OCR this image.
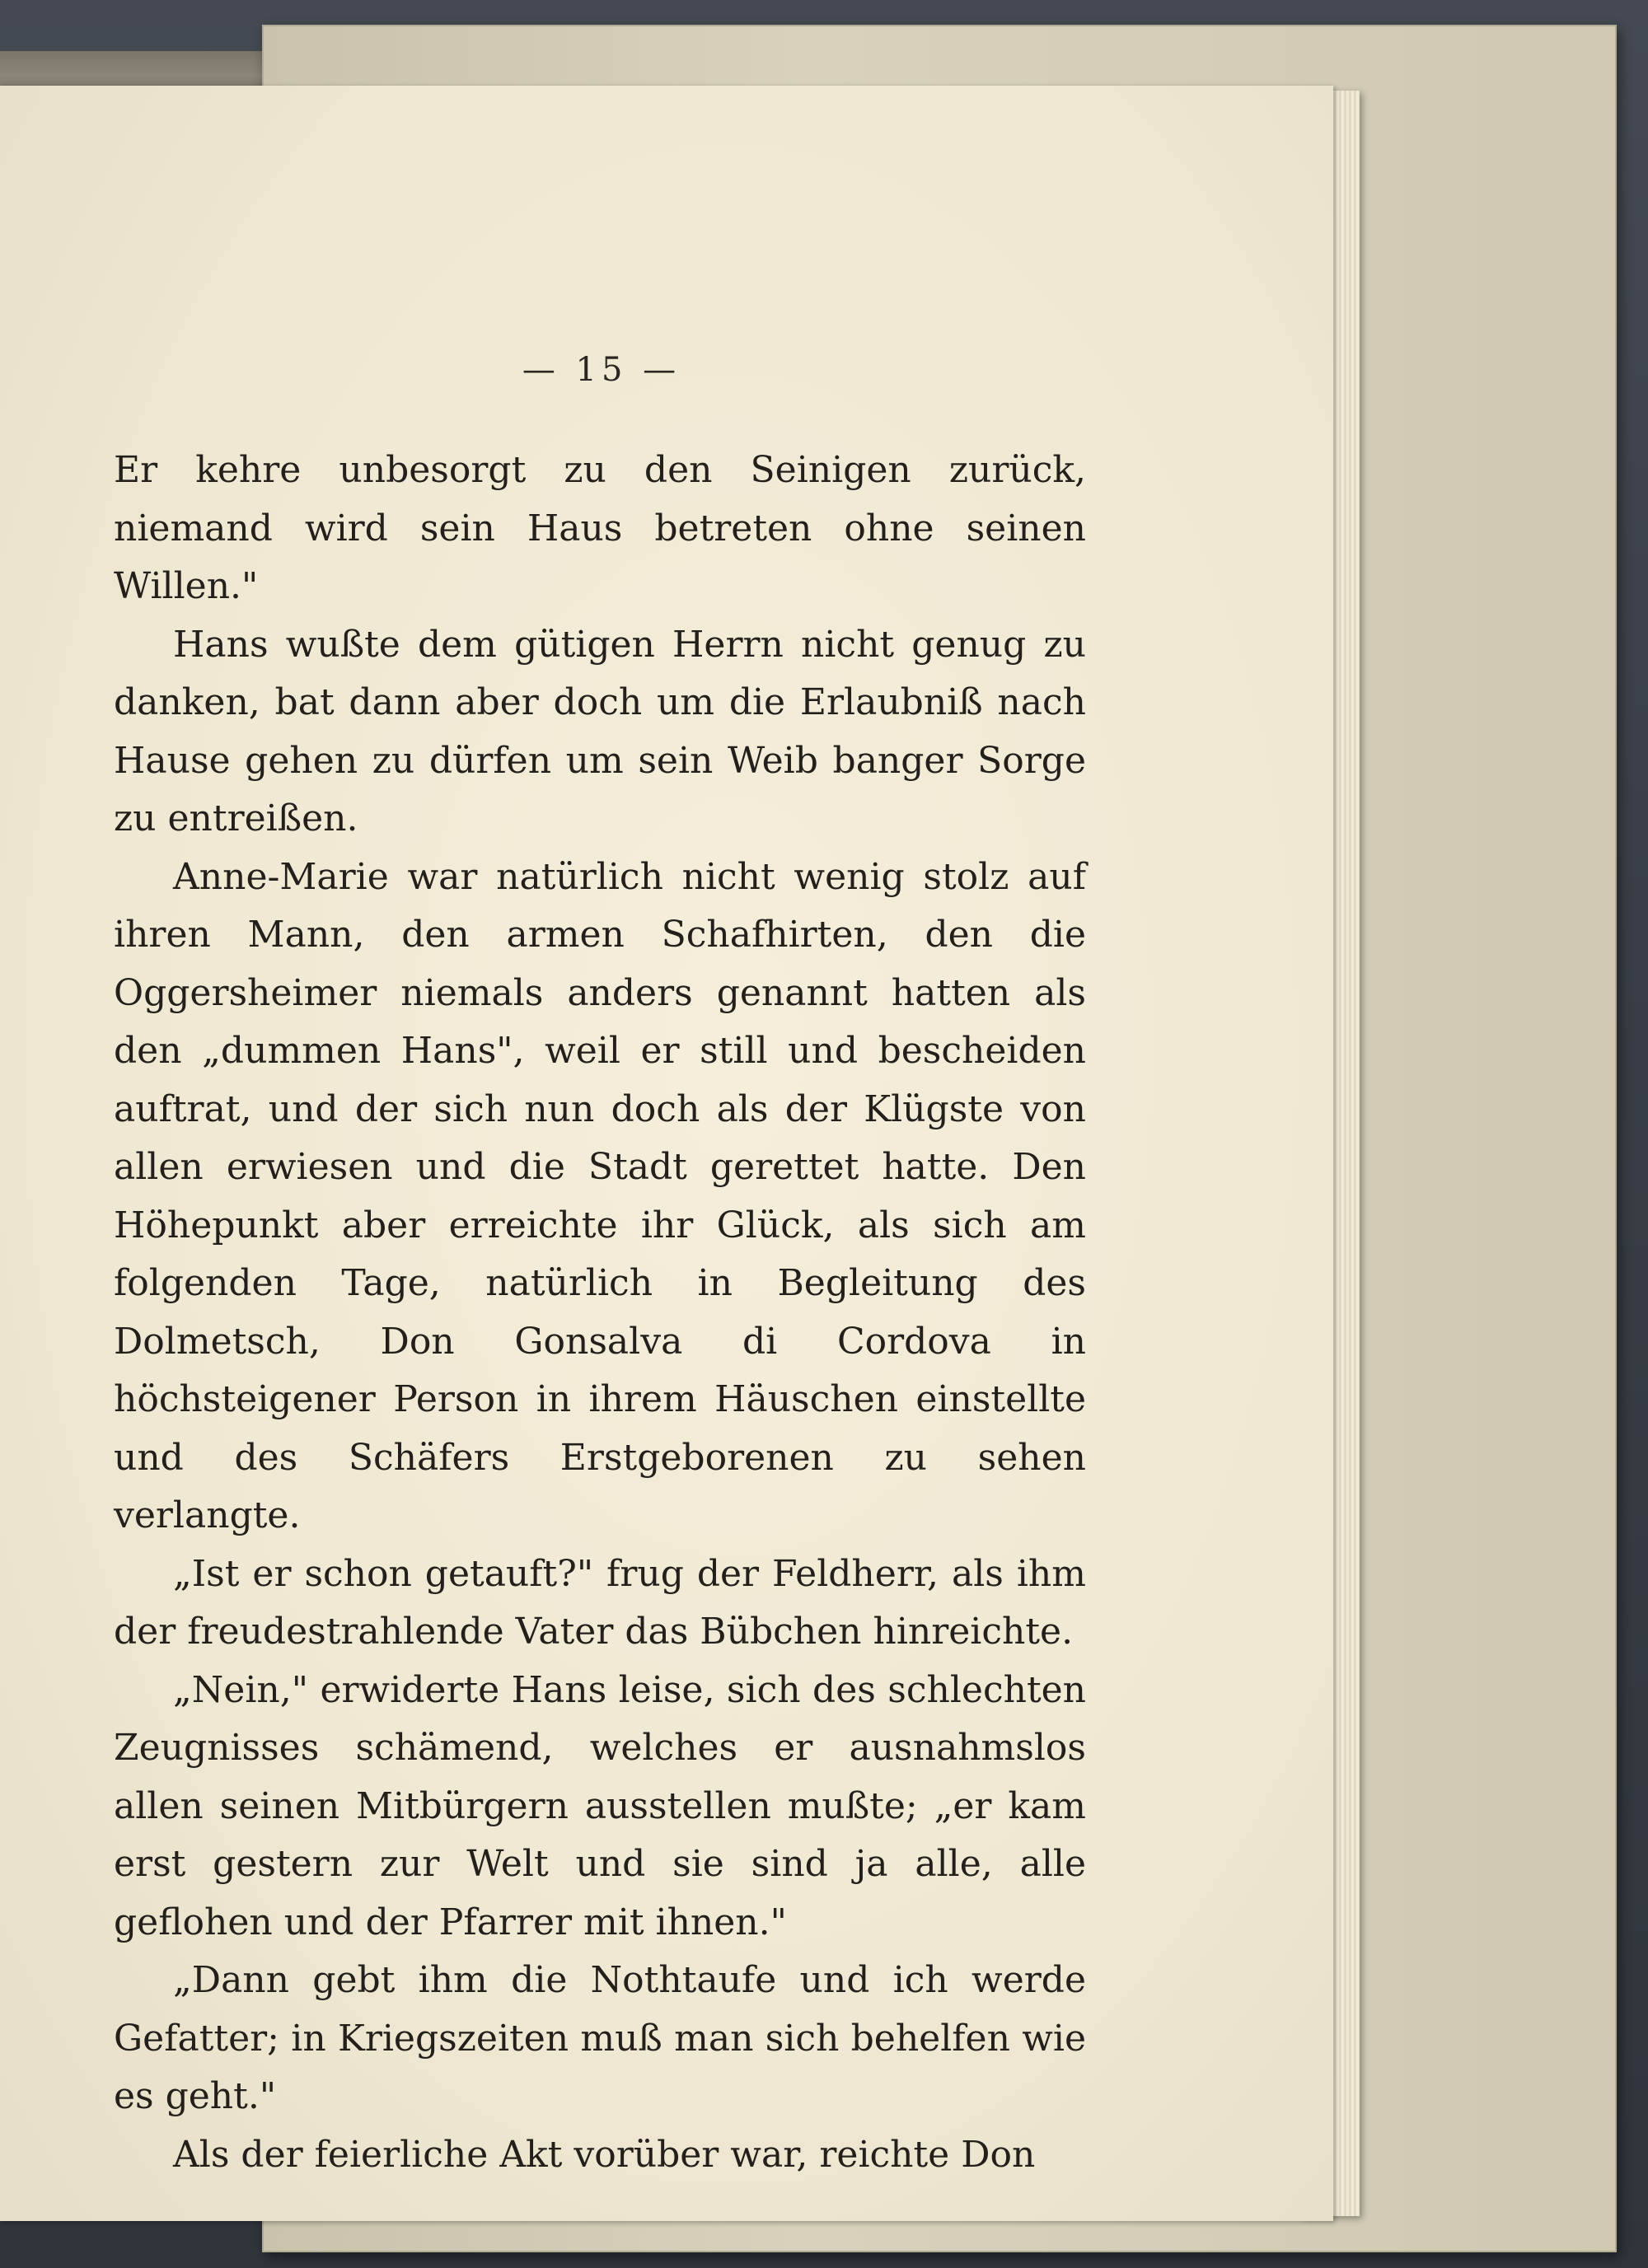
— 15 —

Er kehre unbesorgt zu den Seinigen zurück, niemand wird sein Haus betreten ohne seinen Willen."

Hans wußte dem gütigen Herrn nicht genug zu danken, bat dann aber doch um die Erlaubniß nach Hause gehen zu dürfen um sein Weib banger Sorge zu entreißen.

Anne-Marie war natürlich nicht wenig stolz auf ihren Mann, den armen Schafhirten, den die Oggersheimer niemals anders genannt hatten als den „dummen Hans", weil er still und bescheiden auftrat, und der sich nun doch als der Klügste von allen erwiesen und die Stadt gerettet hatte. Den Höhepunkt aber erreichte ihr Glück, als sich am folgenden Tage, natürlich in Begleitung des Dolmetsch, Don Gonsalva di Cordova in höchsteigener Person in ihrem Häuschen einstellte und des Schäfers Erstgeborenen zu sehen verlangte.

„Ist er schon getauft?" frug der Feldherr, als ihm der freudestrahlende Vater das Bübchen hinreichte.

„Nein," erwiderte Hans leise, sich des schlechten Zeugnisses schämend, welches er ausnahmslos allen seinen Mitbürgern ausstellen mußte; „er kam erst gestern zur Welt und sie sind ja alle, alle geflohen und der Pfarrer mit ihnen."

„Dann gebt ihm die Nothtaufe und ich werde Gefatter; in Kriegszeiten muß man sich behelfen wie es geht."

Als der feierliche Akt vorüber war, reichte Don
